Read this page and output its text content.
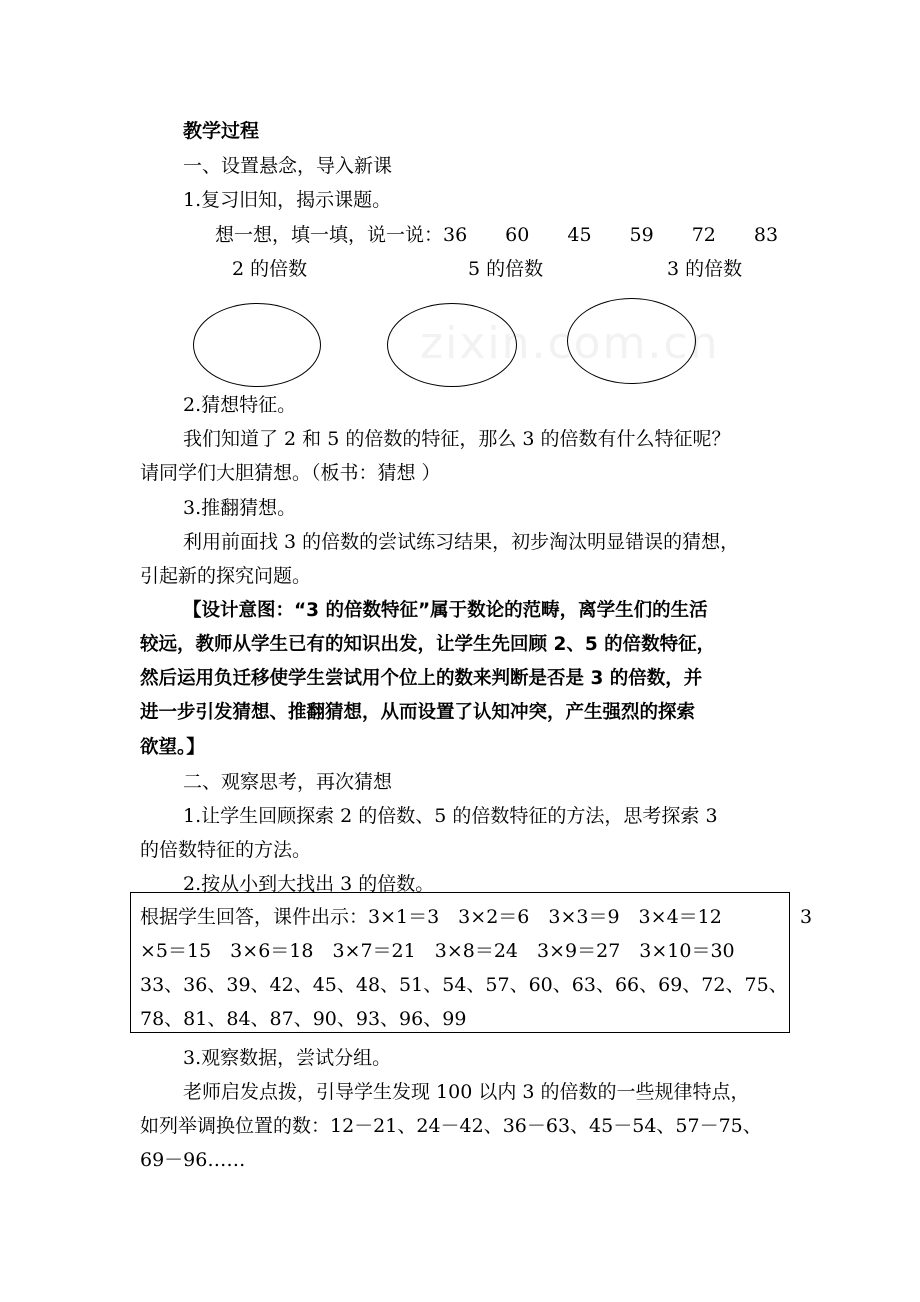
zixin.com.cn
教学过程
一、设置悬念，导入新课
1.复习旧知，揭示课题。
想一想，填一填，说一说：36　　60　　45　　59　　72　　83
2 的倍数	5 的倍数	3 的倍数
2.猜想特征。
我们知道了 2 和 5 的倍数的特征，那么 3 的倍数有什么特征呢？
请同学们大胆猜想。（板书：猜想 ）
3.推翻猜想。
利用前面找 3 的倍数的尝试练习结果，初步淘汰明显错误的猜想，
引起新的探究问题。
【设计意图：“3 的倍数特征”属于数论的范畴，离学生们的生活
较远，教师从学生已有的知识出发，让学生先回顾 2、5 的倍数特征，
然后运用负迁移使学生尝试用个位上的数来判断是否是 3 的倍数，并
进一步引发猜想、推翻猜想，从而设置了认知冲突，产生强烈的探索
欲望。】
二、观察思考，再次猜想
1.让学生回顾探索 2 的倍数、5 的倍数特征的方法，思考探索 3
的倍数特征的方法。
2.按从小到大找出 3 的倍数。
根据学生回答，课件出示：3×1＝3　3×2＝6　3×3＝9　3×4＝12	3
×5＝15　3×6＝18　3×7＝21　3×8＝24　3×9＝27　3×10＝30
33、36、39、42、45、48、51、54、57、60、63、66、69、72、75、
78、81、84、87、90、93、96、99
3.观察数据，尝试分组。
老师启发点拨，引导学生发现 100 以内 3 的倍数的一些规律特点，
如列举调换位置的数：12－21、24－42、36－63、45－54、57－75、
69－96……
